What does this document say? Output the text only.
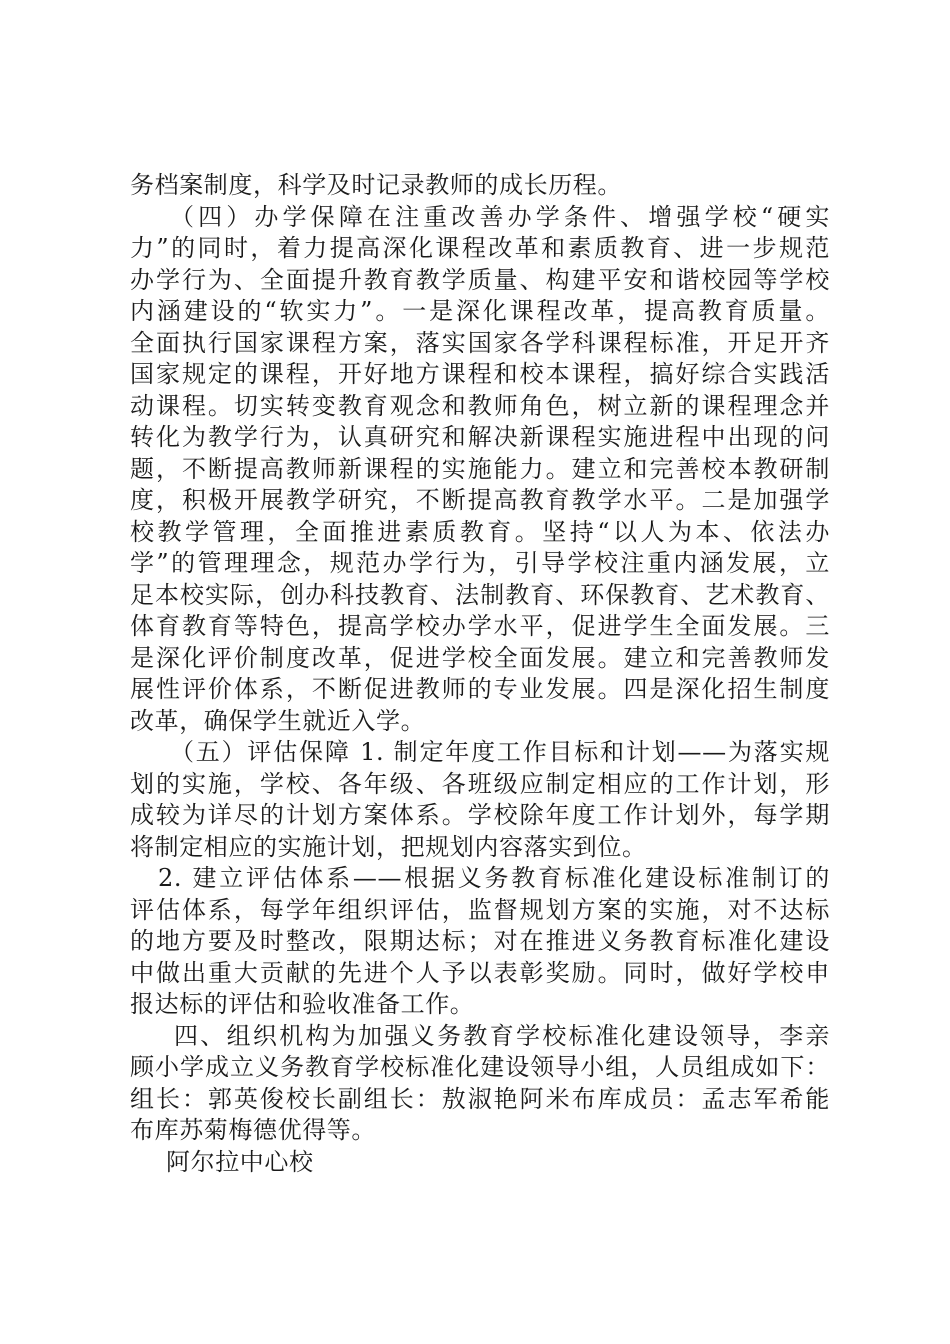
务档案制度，科学及时记录教师的成长历程。
（四）办学保障在注重改善办学条件、增强学校“硬实
力”的同时，着力提高深化课程改革和素质教育、进一步规范
办学行为、全面提升教育教学质量、构建平安和谐校园等学校
内涵建设的“软实力”。一是深化课程改革，提高教育质量。
全面执行国家课程方案，落实国家各学科课程标准，开足开齐
国家规定的课程，开好地方课程和校本课程，搞好综合实践活
动课程。切实转变教育观念和教师角色，树立新的课程理念并
转化为教学行为，认真研究和解决新课程实施进程中出现的问
题，不断提高教师新课程的实施能力。建立和完善校本教研制
度，积极开展教学研究，不断提高教育教学水平。二是加强学
校教学管理，全面推进素质教育。坚持“以人为本、依法办
学”的管理理念，规范办学行为，引导学校注重内涵发展，立
足本校实际，创办科技教育、法制教育、环保教育、艺术教育、
体育教育等特色，提高学校办学水平，促进学生全面发展。三
是深化评价制度改革，促进学校全面发展。建立和完善教师发
展性评价体系，不断促进教师的专业发展。四是深化招生制度
改革，确保学生就近入学。
（五）评估保障 1. 制定年度工作目标和计划——为落实规
划的实施，学校、各年级、各班级应制定相应的工作计划，形
成较为详尽的计划方案体系。学校除年度工作计划外，每学期
将制定相应的实施计划，把规划内容落实到位。
2. 建立评估体系——根据义务教育标准化建设标准制订的
评估体系，每学年组织评估，监督规划方案的实施，对不达标
的地方要及时整改，限期达标；对在推进义务教育标准化建设
中做出重大贡献的先进个人予以表彰奖励。同时，做好学校申
报达标的评估和验收准备工作。
四、组织机构为加强义务教育学校标准化建设领导，李亲
顾小学成立义务教育学校标准化建设领导小组，人员组成如下：
组长：郭英俊校长副组长：敖淑艳阿米布库成员：孟志军希能
布库苏菊梅德优得等。
阿尔拉中心校
